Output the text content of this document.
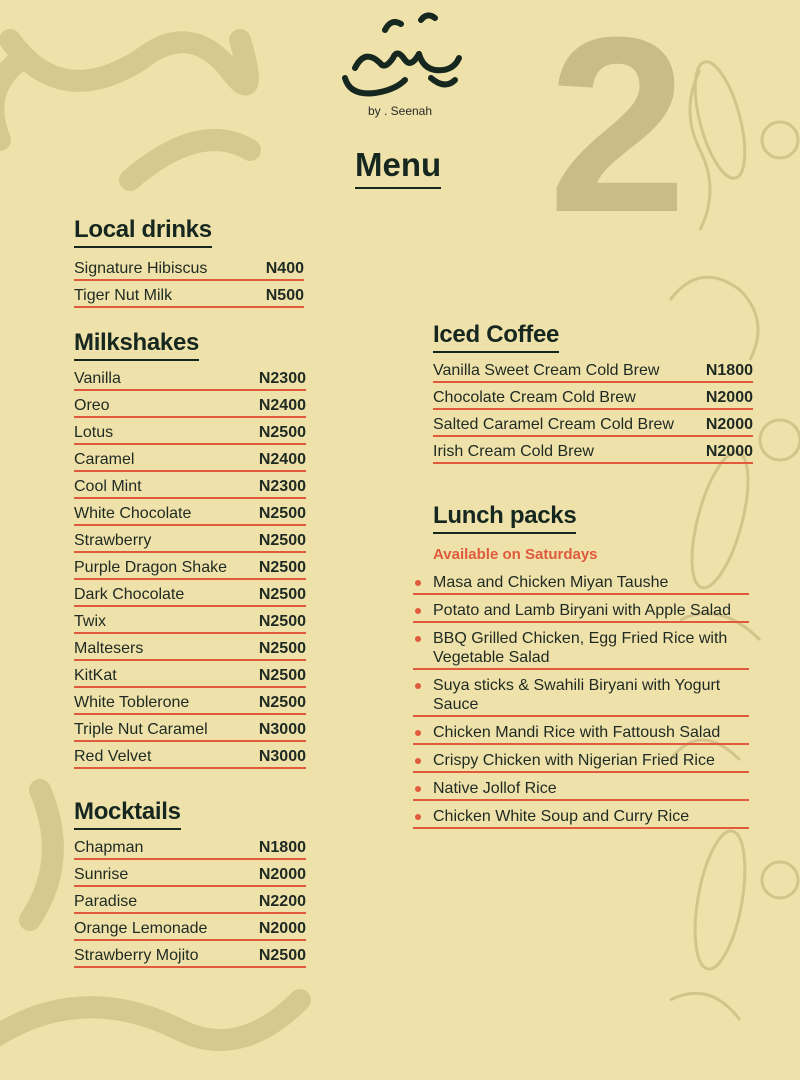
2
by . Seenah
Menu
Local drinks
Signature Hibiscus	N400
Tiger Nut Milk	N500
Milkshakes
Vanilla	N2300
Oreo	N2400
Lotus	N2500
Caramel	N2400
Cool Mint	N2300
White Chocolate	N2500
Strawberry	N2500
Purple Dragon Shake N2500
Dark Chocolate	N2500
Twix	N2500
Maltesers	N2500
KitKat	N2500
White Toblerone	N2500
Triple Nut Caramel	N3000
Red Velvet	N3000
Mocktails
Chapman	N1800
Sunrise	N2000
Paradise	N2200
Orange Lemonade	N2000
Strawberry Mojito	N2500
Iced Coffee
Vanilla Sweet Cream Cold Brew	N1800
Chocolate Cream Cold Brew	N2000
Salted Caramel Cream Cold Brew N2000
Irish Cream Cold Brew	N2000
Lunch packs
Available on Saturdays
Masa and Chicken Miyan Taushe
Potato and Lamb Biryani with Apple Salad
BBQ Grilled Chicken, Egg Fried Rice with Vegetable Salad
Suya sticks & Swahili Biryani with Yogurt Sauce
Chicken Mandi Rice with Fattoush Salad
Crispy Chicken with Nigerian Fried Rice
Native Jollof Rice
Chicken White Soup and Curry Rice
